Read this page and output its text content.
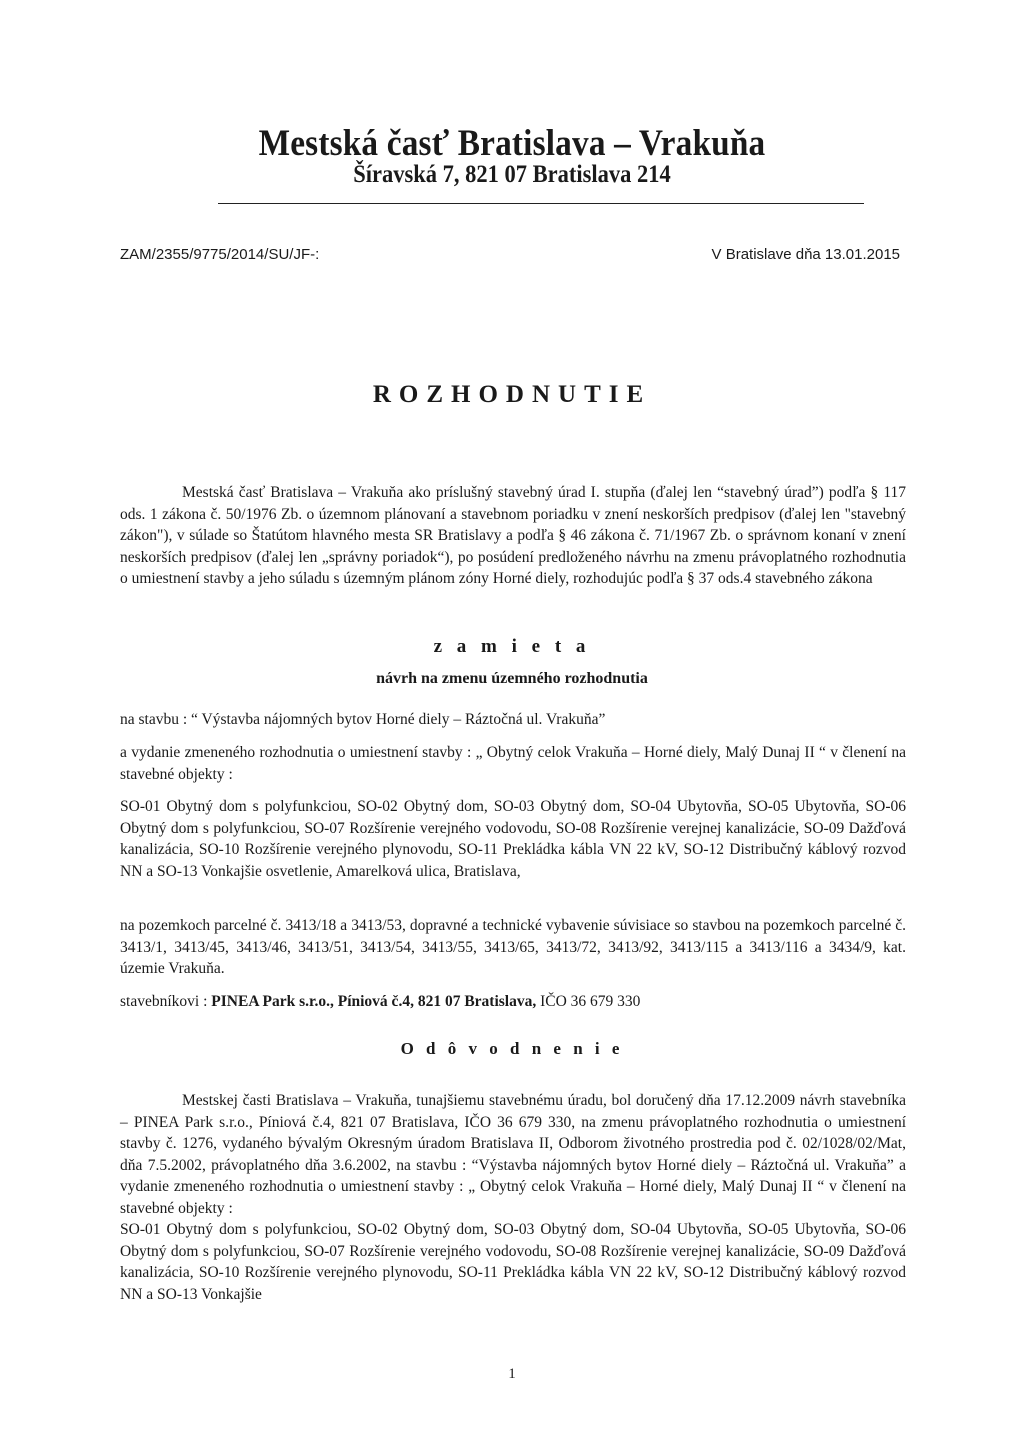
Mestská časť Bratislava – Vrakuňa
Šíravská 7, 821 07 Bratislava 214
ZAM/2355/9775/2014/SU/JF-:	V Bratislave dňa 13.01.2015
ROZHODNUTIE

Mestská časť Bratislava – Vrakuňa ako príslušný stavebný úrad I. stupňa (ďalej len “stavebný úrad”) podľa § 117 ods. 1 zákona č. 50/1976 Zb. o územnom plánovaní a stavebnom poriadku v znení neskorších predpisov (ďalej len "stavebný zákon"), v súlade so Štatútom hlavného mesta SR Bratislavy a podľa § 46 zákona č. 71/1967 Zb. o správnom konaní v znení neskorších predpisov (ďalej len „správny poriadok“), po posúdení predloženého návrhu na zmenu právoplatného rozhodnutia o umiestnení stavby a jeho súladu s územným plánom zóny Horné diely, rozhodujúc podľa § 37 ods.4 stavebného zákona

z a m i e t a
návrh na zmenu územného rozhodnutia

na stavbu : “ Výstavba nájomných bytov Horné diely – Ráztočná ul. Vrakuňa”

a vydanie zmeneného rozhodnutia o umiestnení stavby : „ Obytný celok Vrakuňa – Horné diely, Malý Dunaj II “ v členení na stavebné objekty :

SO-01 Obytný dom s polyfunkciou, SO-02 Obytný dom, SO-03 Obytný dom, SO-04 Ubytovňa, SO-05 Ubytovňa, SO-06 Obytný dom s polyfunkciou, SO-07 Rozšírenie verejného vodovodu, SO-08 Rozšírenie verejnej kanalizácie, SO-09 Dažďová kanalizácia, SO-10 Rozšírenie verejného plynovodu, SO-11 Prekládka kábla VN 22 kV, SO-12 Distribučný káblový rozvod NN a SO-13 Vonkajšie osvetlenie, Amarelková ulica, Bratislava,

na pozemkoch parcelné č. 3413/18 a 3413/53, dopravné a technické vybavenie súvisiace so stavbou na pozemkoch parcelné č. 3413/1, 3413/45, 3413/46, 3413/51, 3413/54, 3413/55, 3413/65, 3413/72, 3413/92, 3413/115 a 3413/116 a 3434/9, kat. územie Vrakuňa.

stavebníkovi : PINEA Park s.r.o., Píniová č.4, 821 07 Bratislava, IČO 36 679 330

O d ô v o d n e n i e

Mestskej časti Bratislava – Vrakuňa, tunajšiemu stavebnému úradu, bol doručený dňa 17.12.2009 návrh stavebníka – PINEA Park s.r.o., Píniová č.4, 821 07 Bratislava, IČO 36 679 330, na zmenu právoplatného rozhodnutia o umiestnení stavby č. 1276, vydaného bývalým Okresným úradom Bratislava II, Odborom životného prostredia pod č. 02/1028/02/Mat, dňa 7.5.2002, právoplatného dňa 3.6.2002, na stavbu : “Výstavba nájomných bytov Horné diely – Ráztočná ul. Vrakuňa” a vydanie zmeneného rozhodnutia o umiestnení stavby : „ Obytný celok Vrakuňa – Horné diely, Malý Dunaj II “ v členení na stavebné objekty :

SO-01 Obytný dom s polyfunkciou, SO-02 Obytný dom, SO-03 Obytný dom, SO-04 Ubytovňa, SO-05 Ubytovňa, SO-06 Obytný dom s polyfunkciou, SO-07 Rozšírenie verejného vodovodu, SO-08 Rozšírenie verejnej kanalizácie, SO-09 Dažďová kanalizácia, SO-10 Rozšírenie verejného plynovodu, SO-11 Prekládka kábla VN 22 kV, SO-12 Distribučný káblový rozvod NN a SO-13 Vonkajšie

1
